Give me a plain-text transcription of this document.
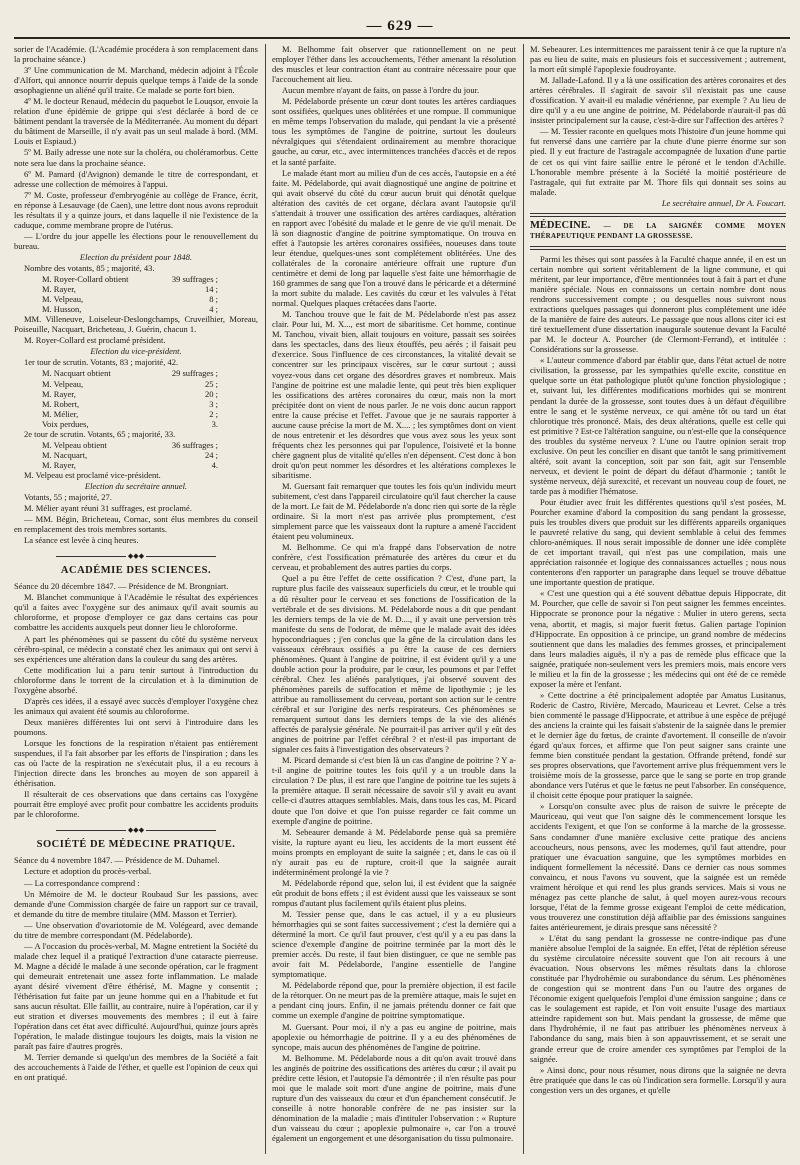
— 629 —

sorier de l'Académie. (L'Académie procédera à son remplacement dans la prochaine séance.)

3º Une communication de M. Marchand, médecin adjoint à l'École d'Alfort, qui annonce nourrir depuis quelque temps à l'aide de la sonde œsophagienne un aliéné qu'il traite. Ce malade se porte fort bien.

4º M. le docteur Renaud, médecin du paquebot le Louqsor, envoie la relation d'une épidémie de grippe qui s'est déclarée à bord de ce bâtiment pendant la traversée de la Méditerranée. Au moment du départ du bâtiment de Marseille, il n'y avait pas un seul malade à bord. (MM. Louis et Espiaud.)

5º M. Baily adresse une note sur la choléra, ou choléramorbus. Cette note sera lue dans la prochaine séance.

6º M. Pamard (d'Avignon) demande le titre de correspondant, et adresse une collection de mémoires à l'appui.

7º M. Coste, professeur d'embryogénie au collège de France, écrit, en réponse à Lesauvage (de Caen), une lettre dont nous avons reproduit les résultats il y a quinze jours, et dans laquelle il nie l'existence de la caduque, comme membrane propre de l'utérus.

— L'ordre du jour appelle les élections pour le renouvellement du bureau.

Election du président pour 1848.

Nombre des votants, 85 ; majorité, 43.

M. Royer-Collard obtient	39 suffrages ;
M. Rayer,	14 ;
M. Velpeau,	8 ;
M. Husson,	4 ;

MM. Villeneuve, Loiseleur-Deslongchamps, Cruveilhier, Moreau, Poiseuille, Nacquart, Bricheteau, J. Guérin, chacun 1.

M. Royer-Collard est proclamé président.

Election du vice-président.

1er tour de scrutin. Votants, 83 ; majorité, 42.

M. Nacquart obtient	29 suffrages ;
M. Velpeau,	25 ;
M. Rayer,	20 ;
M. Robert,	3 ;
M. Mélier,	2 ;
Voix perdues,	3.

2e tour de scrutin. Votants, 65 ; majorité, 33.

M. Velpeau obtient	36 suffrages ;
M. Nacquart,	24 ;
M. Rayer,	4.

M. Velpeau est proclamé vice-président.

Election du secrétaire annuel.

Votants, 55 ; majorité, 27.

M. Mélier ayant réuni 31 suffrages, est proclamé.

— MM. Bégin, Bricheteau, Cornac, sont élus membres du conseil en remplacement des trois membres sortants.

La séance est levée à cinq heures.

◆◆◆
ACADÉMIE DES SCIENCES.

Séance du 20 décembre 1847. — Présidence de M. Brongniart.

M. Blanchet communique à l'Académie le résultat des expériences qu'il a faites avec l'oxygène sur des animaux qu'il avait soumis au chloroforme, et propose d'employer ce gaz dans certains cas pour combattre les accidents auxquels peut donner lieu le chloroforme.

A part les phénomènes qui se passent du côté du système nerveux cérébro-spinal, ce médecin a constaté chez les animaux qui ont servi à ses expériences une altération dans la couleur du sang des artères.

Cette modification lui a paru tenir surtout à l'introduction du chloroforme dans le torrent de la circulation et à la diminution de l'oxygène absorbé.

D'après ces idées, il a essayé avec succès d'employer l'oxygène chez les animaux qui avaient été soumis au chloroforme.

Deux manières différentes lui ont servi à l'introduire dans les poumons.

Lorsque les fonctions de la respiration n'étaient pas entièrement suspendues, il l'a fait absorber par les efforts de l'inspiration ; dans les cas où l'acte de la respiration ne s'exécutait plus, il a eu recours à l'injection directe dans les bronches au moyen de son appareil à éthérisation.

Il résulterait de ces observations que dans certains cas l'oxygène pourrait être employé avec profit pour combattre les accidents produits par le chloroforme.

◆◆◆
SOCIÉTÉ DE MÉDECINE PRATIQUE.

Séance du 4 novembre 1847. — Présidence de M. Duhamel.

Lecture et adoption du procès-verbal.

— La correspondance comprend :

Un Mémoire de M. le docteur Roubaud Sur les passions, avec demande d'une Commission chargée de faire un rapport sur ce travail, et demande du titre de membre titulaire (MM. Masson et Terrier).

— Une observation d'ovariotomie de M. Volégeard, avec demande du titre de membre correspondant (M. Pédelaborde).

— A l'occasion du procès-verbal, M. Magne entretient la Société du malade chez lequel il a pratiqué l'extraction d'une cataracte pierreuse. M. Magne a décidé le malade à une seconde opération, car le fragment qui demeurait entretenait une assez forte inflammation. Le malade ayant désiré vivement d'être éthérisé, M. Magne y consentit ; l'éthérisation fut faite par un jeune homme qui en a l'habitude et fut sans aucun résultat. Elle faillit, au contraire, nuire à l'opération, car il y eut stration et diverses mouvements des membres ; il eut à faire l'opération dans cet état avec difficulté. Aujourd'hui, quinze jours après l'opération, le malade distingue toujours les doigts, mais la vision ne paraît pas faire d'autres progrès.

M. Terrier demande si quelqu'un des membres de la Société a fait des accouchements à l'aide de l'éther, et quelle est l'opinion de ceux qui en ont pratiqué.

M. Belhomme fait observer que rationnellement on ne peut employer l'éther dans les accouchements, l'éther amenant la résolution des muscles et leur contraction étant au contraire nécessaire pour que l'accouchement ait lieu.

Aucun membre n'ayant de faits, on passe à l'ordre du jour.

M. Pédelaborde présente un cœur dont toutes les artères cardiaques sont ossifiées, quelques unes oblitérées et une rompue. Il communique en même temps l'observation du malade, qui pendant la vie a présenté tous les symptômes de l'angine de poitrine, surtout les douleurs névralgiques qui s'étendaient ordinairement au membre thoracique gauche, au cœur, etc., avec intermittences tranchées d'accès et de repos et la santé parfaite.

Le malade étant mort au milieu d'un de ces accès, l'autopsie en a été faite. M. Pédelaborde, qui avait diagnostiqué une angine de poitrine et qui avait observé du côté du cœur aucun bruit qui dénotât quelque altération des cavités de cet organe, déclara avant l'autopsie qu'il s'attendait à trouver une ossification des artères cardiaques, altération en rapport avec l'obésité du malade et le genre de vie qu'il menait. De là son diagnostic d'angine de poitrine symptomatique. On trouva en effet à l'autopsie les artères coronaires ossifiées, noueuses dans toute leur étendue, quelques-unes sont complétement oblitérées. Une des collatérales de la coronaire antérieure offrait une rupture d'un centimètre et demi de long par laquelle s'est faite une hémorrhagie de 160 grammes de sang que l'on a trouvé dans le péricarde et a déterminé la mort subite du malade. Les cavités du cœur et les valvules à l'état normal. Quelques plaques crétacées dans l'aorte.

M. Tanchou trouve que le fait de M. Pédelaborde n'est pas assez clair. Pour lui, M. X..., est mort de sibaritisme. Cet homme, continue M. Tanchou, vivait bien, allait toujours en voiture, passait ses soirées dans les spectacles, dans des lieux étouffés, peu aérés ; il faisait peu d'exercice. Sous l'influence de ces circonstances, la vitalité devait se concentrer sur les principaux viscères, sur le cœur surtout ; aussi voyez-vous dans cet organe des désordres graves et nombreux. Mais l'angine de poitrine est une maladie lente, qui peut très bien expliquer les ossifications des artères coronaires du cœur, mais non la mort précipitée dont on vient de nous parler. Je ne vois donc aucun rapport entre la cause précise et l'effet. J'avoue que je ne saurais rapporter à aucune cause précise la mort de M. X.... ; les symptômes dont on vient de nous entretenir et les désordres que vous avez sous les yeux sont fréquents chez les personnes qui par l'opulence, l'oisiveté et la bonne chère gagnent plus de vitalité qu'elles n'en dépensent. C'est donc à bon droit qu'on peut nommer les désordres et les altérations complexes le sibaritisme.

M. Guersant fait remarquer que toutes les fois qu'un individu meurt subitement, c'est dans l'appareil circulatoire qu'il faut chercher la cause de la mort. Le fait de M. Pédelaborde n'a donc rien qui sorte de la règle ordinaire. Si la mort n'est pas arrivée plus promptement, c'est simplement parce que les vaisseaux dont la rupture a amené l'accident étaient peu volumineux.

M. Belhomme. Ce qui m'a frappé dans l'observation de notre confrère, c'est l'ossification prématurée des artères du cœur et du cerveau, et probablement des autres parties du corps.

Quel a pu être l'effet de cette ossification ? C'est, d'une part, la rupture plus facile des vaisseaux superficiels du cœur, et le trouble qui a dû résulter pour le cerveau et ses fonctions de l'ossification de la vertébrale et de ses divisions. M. Pédelaborde nous a dit que pendant les derniers temps de la vie de M. D...., il y avait une perversion très manifeste du sens de l'odorat, de même que le malade avait des idées hypocondriaques ; j'en conclus que la gêne de la circulation dans les vaisseaux cérébraux ossifiés a pu être la cause de ces derniers phénomènes. Quant à l'angine de poitrine, il est évident qu'il y a une double action pour la produire, par le cœur, les poumons et par l'effet cérébral. Chez les aliénés paralytiques, j'ai observé souvent des phénomènes pareils de suffocation et même de lipothymie ; je les attribue au ramollissement du cerveau, portant son action sur le centre cérébral et sur l'origine des nerfs respirateurs. Ces phénomènes se remarquent surtout dans les derniers temps de la vie des aliénés affectés de paralysie générale. Ne pourrait-il pas arriver qu'il y eût des angines de poitrine par l'effet cérébral ? et n'est-il pas important de signaler ces faits à l'investigation des observateurs ?

M. Picard demande si c'est bien là un cas d'angine de poitrine ? Y a-t-il angine de poitrine toutes les fois qu'il y a un trouble dans la circulation ? De plus, il est rare que l'angine de poitrine tue les sujets à la première attaque. Il serait nécessaire de savoir s'il y avait eu avant celle-ci d'autres attaques semblables. Mais, dans tous les cas, M. Picard doute que l'on doive et que l'on puisse regarder ce fait comme un exemple d'angine de poitrine.

M. Sebeaurer demande à M. Pédelaborde pense quà sa première visite, la rupture ayant eu lieu, les accidents de la mort eussent été moins prompts en employant de suite la saignée ; et, dans le cas où il n'y aurait pas eu de rupture, croit-il que la saignée aurait indéterminément prolongé la vie ?

M. Pédelaborde répond que, selon lui, il est évident que la saignée eût produit de bons effets ; il est évident aussi que les vaisseaux se sont rompus d'autant plus facilement qu'ils étaient plus pleins.

M. Tessier pense que, dans le cas actuel, il y a eu plusieurs hémorrhagies qui se sont faites successivement ; c'est la dernière qui a déterminé la mort. Ce qu'il faut prouver, c'est qu'il y a eu pas dans la science d'exemple d'angine de poitrine terminée par la mort dès le premier accès. Du reste, il faut bien distinguer, ce que ne semble pas avoir fait M. Pédelaborde, l'angine essentielle de l'angine symptomatique.

M. Pédelaborde répond que, pour la première objection, il est facile de la rétorquer. On ne meurt pas de la première attaque, mais le sujet en a pendant cinq jours. Enfin, il ne jamais prétendu donner ce fait que comme un exemple d'angine de poitrine symptomatique.

M. Guersant. Pour moi, il n'y a pas eu angine de poitrine, mais apoplexie ou hémorrhagie de poitrine. Il y a eu des phénomènes de syncope, mais aucun des phénomènes de l'angine de poitrine.

M. Belhomme. M. Pédelaborde nous a dit qu'on avait trouvé dans les anginés de poitrine des ossifications des artères du cœur ; il avait pu prédire cette lésion, et l'autopsie l'a démontrée ; il n'en résulte pas pour moi que le malade soit mort d'une angine de poitrine, mais d'une rupture d'un des vaisseaux du cœur et d'un épanchement consécutif. Je conseille à notre honorable confrère de ne pas insister sur la dénomination de la maladie ; mais d'intituler l'observation : « Rupture d'un vaisseau du cœur ; apoplexie pulmonaire », car l'on a trouvé également un engorgement et une désorganisation du tissu pulmonaire.

M. Sebeaurer. Les intermittences me paraissent tenir à ce que la rupture n'a pas eu lieu de suite, mais en plusieurs fois et successivement ; autrement, la mort eût simplé l'apoplexie foudroyante.

M. Jallade-Lafond. Il y a là une ossification des artères coronaires et des artères cérébrales. Il s'agirait de savoir s'il n'existait pas une cause d'ossification. Y avait-il eu maladie vénérienne, par exemple ? Au lieu de dire qu'il y a eu une angine de poitrine, M. Pédelaborde n'aurait-il pas dû insister principalement sur la cause, c'est-à-dire sur l'affection des artères ?

— M. Tessier raconte en quelques mots l'histoire d'un jeune homme qui fut renversé dans une carrière par la chute d'une pierre énorme sur son pied. Il y eut fracture de l'astragale accompagnée de luxation d'une partie de cet os qui vint faire saillie entre le péroné et le tendon d'Achille. L'honorable membre présente à la Société la moitié postérieure de l'astragale, qui fut extraite par M. Thore fils qui donnait ses soins au malade.

Le secrétaire annuel, Dr A. Foucart.

MÉDECINE. — DE LA SAIGNÉE COMME MOYEN THÉRAPEUTIQUE PENDANT LA GROSSESSE.

Parmi les thèses qui sont passées à la Faculté chaque année, il en est un certain nombre qui sortent véritablement de la ligne commune, et qui méritent, par leur importance, d'être mentionnées tout à fait à part et d'une manière spéciale. Nous en connaissons un certain nombre dont nous rendrons successivement compte ; ou desquelles nous suivront nous extractions quelques passages qui donneront plus complétement une idée de la manière de faire des auteurs. Le passage que nous allons citer ici est tiré textuellement d'une dissertation inaugurale soutenue devant la Faculté par M. le docteur A. Pourcher (de Clermont-Ferrand), et intitulée : Considérations sur la grossesse.

« L'auteur commence d'abord par établir que, dans l'état actuel de notre civilisation, la grossesse, par les sympathies qu'elle excite, constitue en quelque sorte un état pathologique plutôt qu'une fonction physiologique ; et, suivant lui, les différentes modifications morbides qui se montrent pendant la durée de la grossesse, sont toutes dues à un défaut d'équilibre entre le sang et le système nerveux, ce qui amène tôt ou tard un état chlorotique très prononcé. Mais, des deux altérations, quelle est celle qui est primitive ? Est-ce l'altération sanguine, ou n'est-elle que la conséquence des troubles du système nerveux ? L'une ou l'autre opinion serait trop exclusive. On peut les concilier en disant que tantôt le sang primitivement altéré, soit avant la conception, soit par son fait, agit sur l'ensemble nerveux, et devient le point de départ du défaut d'harmonie ; tantôt le système nerveux, déjà surexcité, et recevant un nouveau coup de fouet, ne tarde pas à modifier l'hématose.

Pour étudier avec fruit les différentes questions qu'il s'est posées, M. Pourcher examine d'abord la composition du sang pendant la grossesse, puis les troubles divers que produit sur les différents appareils organiques le pauvreté relative du sang, qui devient semblable à celui des femmes chloro-anémiques. Il nous serait impossible de donner une idée complète de cet important travail, qui n'est pas une compilation, mais une appréciation raisonnée et logique des connaissances actuelles ; nous nous contenterons d'en rapporter un paragraphe dans lequel se trouve débattue une importante question de pratique.

« C'est une question qui a été souvent débattue depuis Hippocrate, dit M. Pourcher, que celle de savoir si l'on peut saigner les femmes enceintes. Hippocrate se prononce pour la négative : Mulier in utero gerens, secta vena, abortit, et magis, si major fuerit fœtus. Galien partage l'opinion d'Hippocrate. En opposition à ce principe, un grand nombre de médecins soutiennent que dans les maladies des femmes grosses, et principalement dans leurs maladies aiguës, il n'y a pas de remède plus efficace que la saignée, pratiquée non-seulement vers les premiers mois, mais encore vers le milieu et la fin de la grossesse ; les médecins qui ont été de ce remède exposer la mère et l'enfant.

» Cette doctrine a été principalement adoptée par Amatus Lusitanus, Roderic de Castro, Rivière, Mercado, Mauriceau et Levret. Celse a très bien commenté le passage d'Hippocrate, et attribue à une espèce de préjugé des anciens la crainte qui les faisait s'abstenir de la saignée dans le premier et le dernier âge du fœtus, de crainte d'avortement. Il conseille de n'avoir égard qu'aux forces, et affirme que l'on peut saigner sans crainte une femme bien constituée pendant la gestation. Offrande prétend, fondé sur ses propres observations, que l'avortement arrive plus fréquemment vers le troisième mois de la grossesse, parce que le sang se porte en trop grande abondance vers l'utérus et que le fœtus ne peut l'absorber. En conséquence, il choisit cette époque pour pratiquer la saignée.

» Lorsqu'on consulte avec plus de raison de suivre le précepte de Mauriceau, qui veut que l'on saigne dès le commencement lorsque les accidents l'exigent, et que l'on se conforme à la marche de la grossesse. Sans condamner d'une manière exclusive cette pratique des anciens accoucheurs, nous pensons, avec les modernes, qu'il faut attendre, pour pratiquer une évacuation sanguine, que les symptômes morbides en indiquent formellement la nécessité. Dans ce dernier cas nous sommes convaincu, et nous l'avons vu souvent, que la saignée est un remède vraiment héroïque et qui rend les plus grands services. Mais si vous ne ménagez pas cette planche de salut, à quel moyen aurez-vous recours lorsque, l'état de la femme grosse exigeant l'emploi de cette médication, vous trouverez une constitution déjà affaiblie par des émissions sanguines faites antérieurement, je dirais presque sans nécessité ?

» L'état du sang pendant la grossesse ne contre-indique pas d'une manière absolue l'emploi de la saignée. En effet, l'état de réplétion séreuse du système circulatoire nécessite souvent que l'on ait recours à une évacuation. Nous observons les mêmes résultats dans la chlorose constituée par l'hydrohémie ou surabondance du sérum. Les phénomènes de congestion qui se montrent dans l'un ou l'autre des organes de l'économie exigent quelquefois l'emploi d'une émission sanguine ; dans ce cas le soulagement est rapide, et l'on voit ensuite l'usage des martiaux atteindre rapidement son but. Mais pendant la grossesse, de même que dans l'hydrohémie, il ne faut pas attribuer les phénomènes nerveux à l'abondance du sang, mais bien à son appauvrissement, et se serait une grande erreur que de croire amender ces symptômes par l'emploi de la saignée.

» Ainsi donc, pour nous résumer, nous dirons que la saignée ne devra être pratiquée que dans le cas où l'indication sera formelle. Lorsqu'il y aura congestion vers un des organes, et qu'elle
